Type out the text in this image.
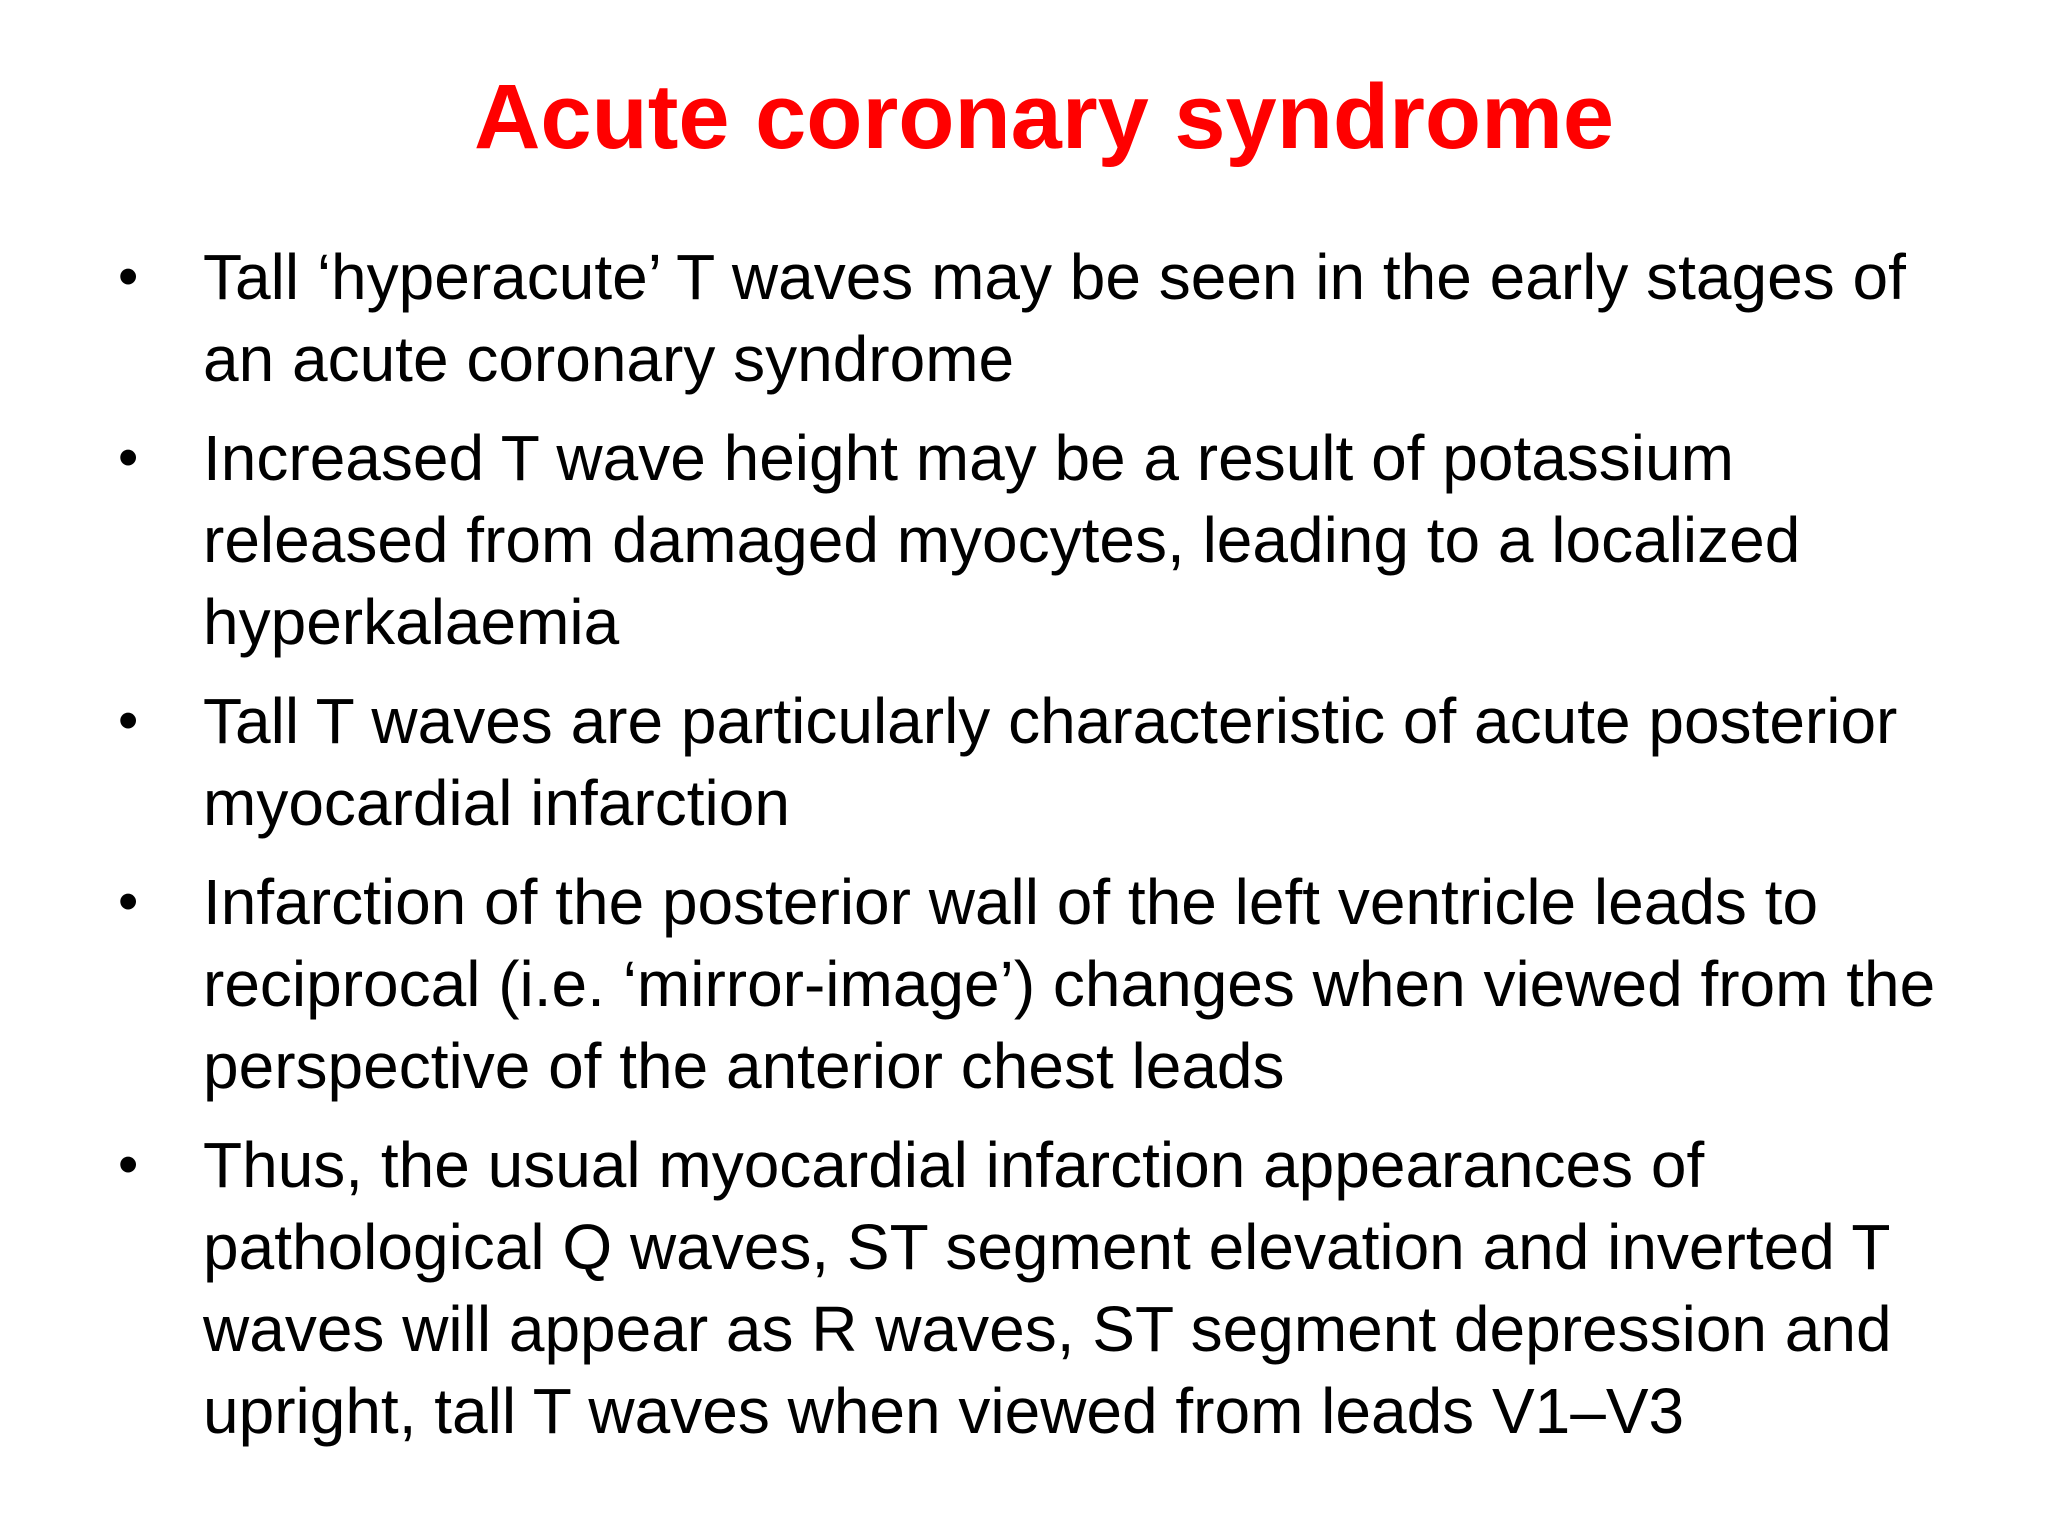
Acute coronary syndrome
• Tall ‘hyperacute’ T waves may be seen in the early stages of an acute coronary syndrome
• Increased T wave height may be a result of potassium released from damaged myocytes, leading to a localized hyperkalaemia
• Tall T waves are particularly characteristic of acute posterior myocardial infarction
• Infarction of the posterior wall of the left ventricle leads to reciprocal (i.e. ‘mirror-image’) changes when viewed from the perspective of the anterior chest leads
• Thus, the usual myocardial infarction appearances of pathological Q waves, ST segment elevation and inverted T waves will appear as R waves, ST segment depression and upright, tall T waves when viewed from leads V1–V3
